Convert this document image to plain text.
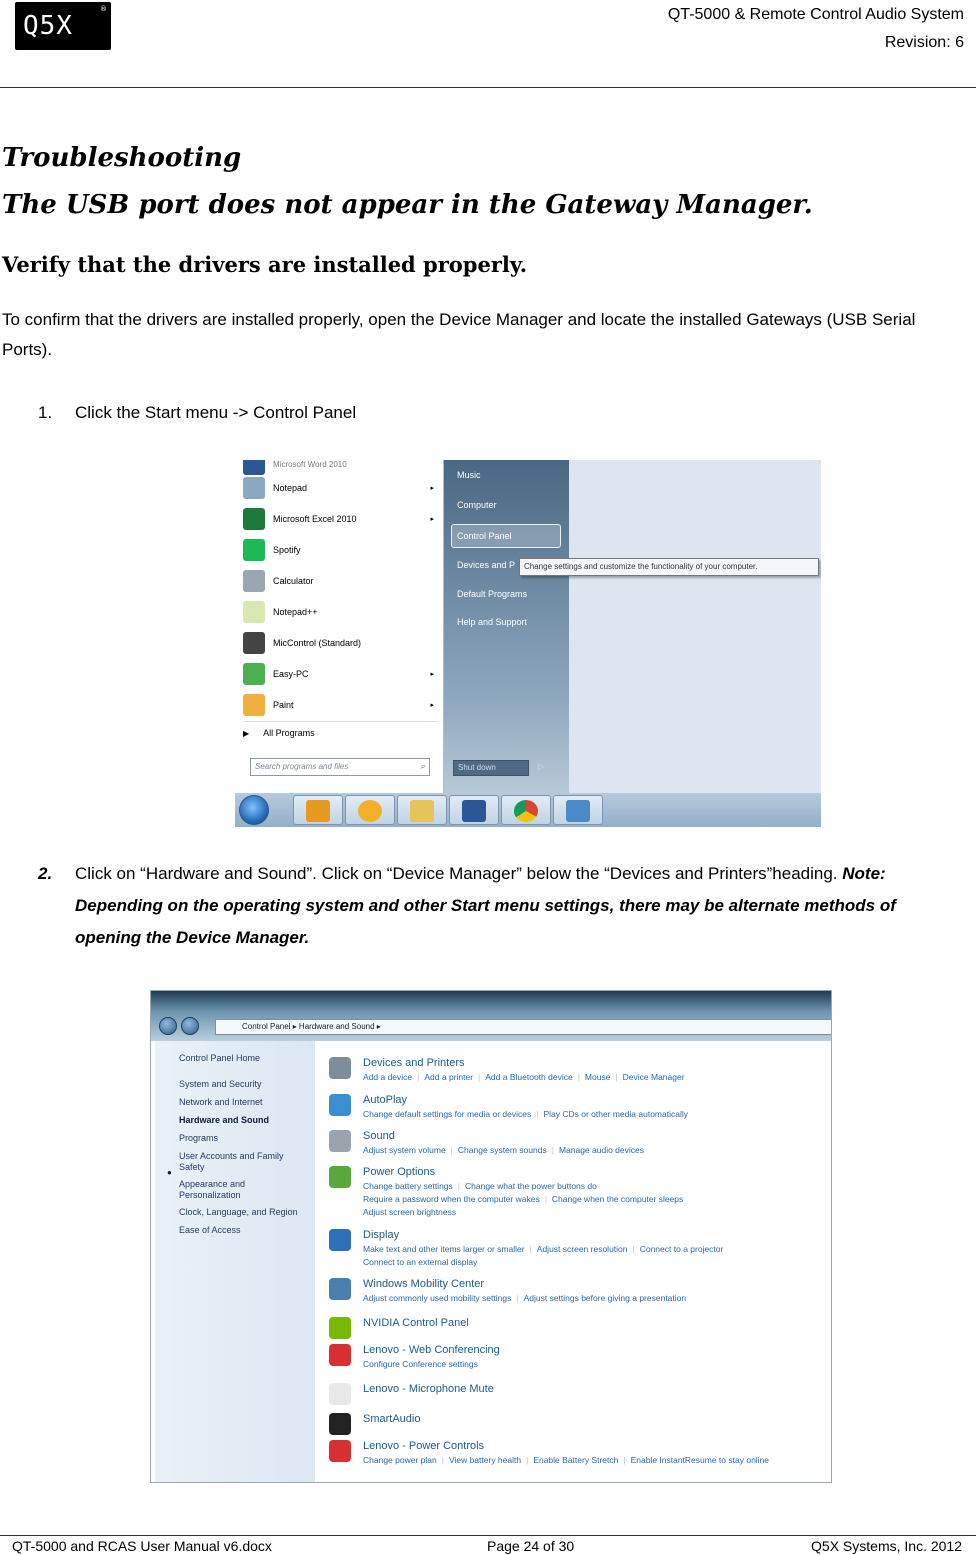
Q5X
®	QT-5000 & Remote Control Audio System
Revision: 6
Troubleshooting
The USB port does not appear in the Gateway Manager.
Verify that the drivers are installed properly.
To confirm that the drivers are installed properly, open the Device Manager and locate the installed Gateways (USB Serial Ports).
1. Click the Start menu -> Control Panel
Microsoft Word 2010
Notepad	▸
Microsoft Excel 2010	▸
Spotify
Calculator
Notepad++
MicControl (Standard)
Easy-PC	▸
Paint	▸
▶ All Programs
Search programs and files	⌕
Music
Computer
Control Panel
Devices and P
Default Programs
Help and Support
Change settings and customize the functionality of your computer.
Shut down	▷
2. Click on “Hardware and Sound”. Click on “Device Manager” below the “Devices and Printers”heading. Note: Depending on the operating system and other Start menu settings, there may be alternate methods of opening the Device Manager.
Control Panel ▸ Hardware and Sound ▸
●
Control Panel Home
System and Security
Network and Internet
Hardware and Sound
Programs
User Accounts and Family Safety
Appearance and Personalization
Clock, Language, and Region
Ease of Access
Devices and Printers
Add a device | Add a printer | Add a Bluetooth device | Mouse | Device Manager
AutoPlay
Change default settings for media or devices | Play CDs or other media automatically
Sound
Adjust system volume | Change system sounds | Manage audio devices
Power Options
Change battery settings | Change what the power buttons do
Require a password when the computer wakes | Change when the computer sleeps
Adjust screen brightness
Display
Make text and other items larger or smaller | Adjust screen resolution | Connect to a projector
Connect to an external display
Windows Mobility Center
Adjust commonly used mobility settings | Adjust settings before giving a presentation
NVIDIA Control Panel
Lenovo - Web Conferencing
Configure Conference settings
Lenovo - Microphone Mute
SmartAudio
Lenovo - Power Controls
Change power plan | View battery health | Enable Battery Stretch | Enable InstantResume to stay online
QT-5000 and RCAS User Manual v6.docx	Page 24 of 30	Q5X Systems, Inc. 2012
